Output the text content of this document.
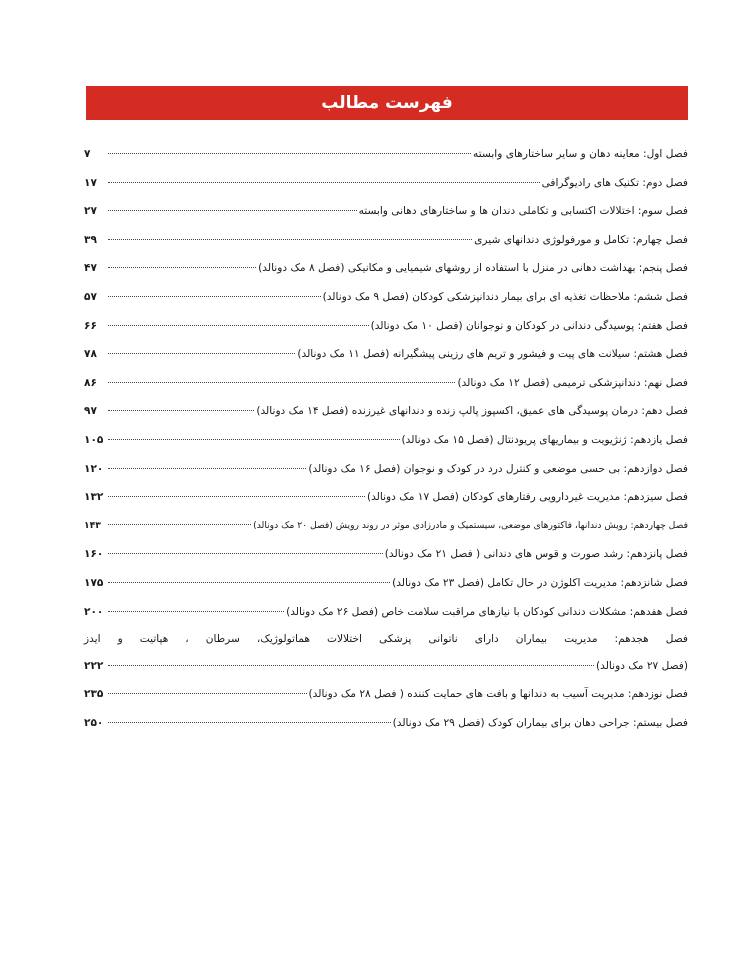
فهرست مطالب
فصل اول: معاینه دهان و سایر ساختارهای وابسته
۷
فصل دوم: تکنیک های رادیوگرافی
۱۷
فصل سوم: اختلالات اکتسابی و تکاملی دندان ها و ساختارهای دهانی وابسته
۲۷
فصل چهارم: تکامل و مورفولوژی دندانهای شیری
۳۹
فصل پنجم: بهداشت دهانی در منزل با استفاده از روشهای شیمیایی و مکانیکی (فصل ۸ مک دونالد)
۴۷
فصل ششم: ملاحظات تغذیه ای برای بیمار دندانپزشکی کودکان (فصل ۹ مک دونالد)
۵۷
فصل هفتم: پوسیدگی دندانی در کودکان و نوجوانان (فصل ۱۰ مک دونالد)
۶۶
فصل هشتم: سیلانت های پیت و فیشور و تریم های رزینی پیشگیرانه (فصل ۱۱ مک دونالد)
۷۸
فصل نهم: دندانپزشکی ترمیمی (فصل ۱۲ مک دونالد)
۸۶
فصل دهم: درمان پوسیدگی های عمیق، اکسپوز پالپ زنده و دندانهای غیرزنده (فصل ۱۴ مک دونالد)
۹۷
فصل یازدهم: ژنژیویت و بیماریهای پریودنتال (فصل ۱۵ مک دونالد)
۱۰۵
فصل دوازدهم: بی حسی موضعی و کنترل درد در کودک و نوجوان (فصل ۱۶ مک دونالد)
۱۲۰
فصل سیزدهم: مدیریت غیردارویی رفتارهای کودکان (فصل ۱۷ مک دونالد)
۱۳۲
فصل چهاردهم: رویش دندانها، فاکتورهای موضعی، سیستمیک و مادرزادی موثر در روند رویش (فصل ۲۰ مک دونالد)
۱۴۳
فصل پانزدهم: رشد صورت و قوس های دندانی ( فصل ۲۱ مک دونالد)
۱۶۰
فصل شانزدهم: مدیریت اکلوژن در حال تکامل (فصل ۲۳ مک دونالد)
۱۷۵
فصل هفدهم: مشکلات دندانی کودکان با نیازهای مراقبت سلامت خاص (فصل ۲۶ مک دونالد)
۲۰۰
فصل هجدهم: مدیریت بیماران دارای ناتوانی پزشکی اختلالات هماتولوژیک، سرطان ، هپاتیت و ایدز
(فصل ۲۷ مک دونالد)
۲۲۲
فصل نوزدهم: مدیریت آسیب به دندانها و بافت های حمایت کننده ( فصل ۲۸ مک دونالد)
۲۳۵
فصل بیستم: جراحی دهان برای بیماران کودک (فصل ۲۹ مک دونالد)
۲۵۰
